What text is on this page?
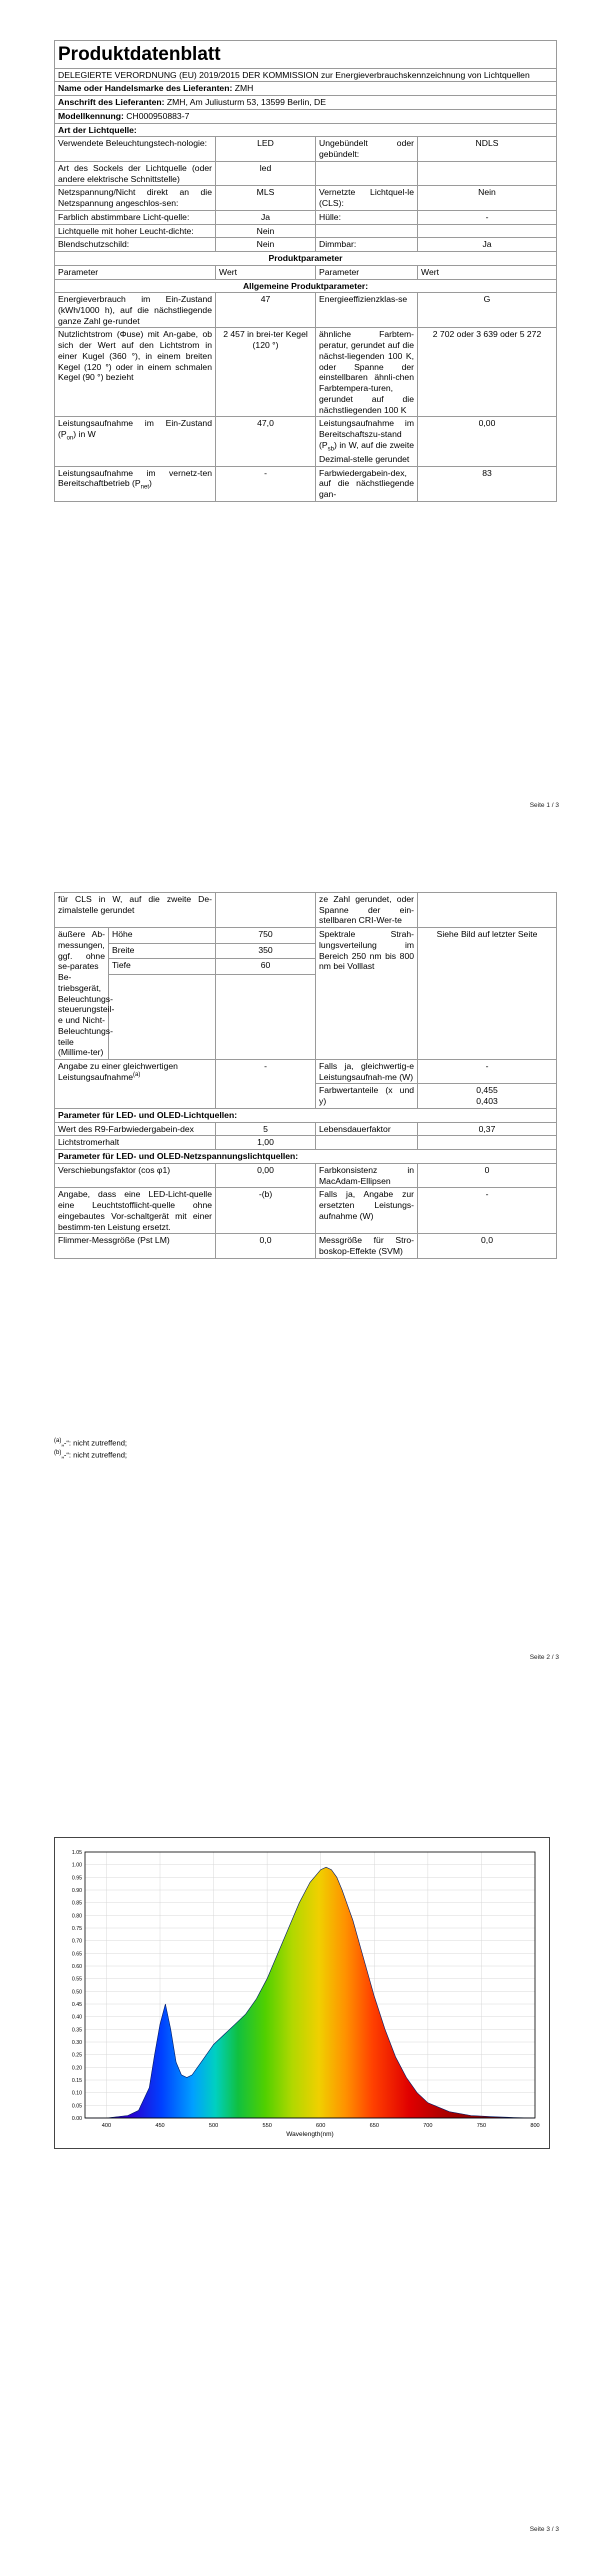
Produktdatenblatt			
DELEGIERTE VERORDNUNG (EU) 2019/2015 DER KOMMISSION zur Energieverbrauchskennzeichnung von Lichtquellen			
Name oder Handelsmarke des Lieferanten: ZMH			
Anschrift des Lieferanten: ZMH, Am Juliusturm 53, 13599 Berlin, DE			
Modellkennung: CH000950883-7			
Art der Lichtquelle:			
Verwendete Beleuchtungstech-nologie:	LED	Ungebündelt oder gebündelt:	NDLS
Art des Sockels der Lichtquelle (oder andere elektrische Schnittstelle)	led		
Netzspannung/Nicht direkt an die Netzspannung angeschlos-sen:	MLS	Vernetzte Lichtquel-le (CLS):	Nein
Farblich abstimmbare Licht-quelle:	Ja	Hülle:	-
Lichtquelle mit hoher Leucht-dichte:	Nein		
Blendschutzschild:	Nein	Dimmbar:	Ja
Produktparameter			
Parameter	Wert	Parameter	Wert
Allgemeine Produktparameter:			
Energieverbrauch im Ein-Zustand (kWh/1000 h), auf die nächstliegende ganze Zahl ge-rundet	47	Energieeffizienzklas-se	G
Nutzlichtstrom (Φuse) mit An-gabe, ob sich der Wert auf den Lichtstrom in einer Kugel (360 °), in einem breiten Kegel (120 °) oder in einem schmalen Kegel (90 °) bezieht	2 457 in brei-ter Kegel (120 °)	ähnliche Farbtem-peratur, gerundet auf die nächst-liegenden 100 K, oder Spanne der einstellbaren ähnli-chen Farbtempera-turen, gerundet auf die nächstliegenden 100 K	2 702 oder 3 639 oder 5 272
Leistungsaufnahme im Ein-Zustand $(P_{on})$ in W	47,0	Leistungsaufnahme im Bereitschaftszu-stand $(P_{sb})$ in W, auf die zweite Dezimal-stelle gerundet	0,00
Leistungsaufnahme im vernetz-ten Bereitschaftbetrieb $(P_{net})$	-	Farbwiedergabein-dex, auf die nächstliegende gan-	83
Seite 1 / 3
für CLS in W, auf die zweite De-zimalstelle gerundet			ze Zahl gerundet, oder Spanne der ein-stellbaren CRI-Wer-te	
äußere Ab-messungen, ggf. ohne se-parates Be-triebsgerät, Beleuchtungs-steuerungsteil-e und Nicht-Beleuchtungs-teile (Millime-ter)	Höhe	750	Spektrale Strah-lungsverteilung im Bereich 250 nm bis 800 nm bei Volllast	Siehe Bild auf letzter Seite
	Breite	350		
	Tiefe	60		

Angabe zu einer gleichwertigen Leistungsaufnahme$^{(a)}$		-	Falls ja, gleichwertig-e Leistungsaufnah-me (W)	-
			Farbwertanteile (x und y)	0,455
0,403

Parameter für LED- und OLED-Lichtquellen:				
Wert des R9-Farbwiedergabein-dex		5	Lebensdauerfaktor	0,37
Lichtstromerhalt		1,00		
Parameter für LED- und OLED-Netzspannungslichtquellen:				
Verschiebungsfaktor (cos φ1)		0,00	Farbkonsistenz in MacAdam-Ellipsen	0
Angabe, dass eine LED-Licht-quelle eine Leuchtstofflicht-quelle ohne eingebautes Vor-schaltgerät mit einer bestimm-ten Leistung ersetzt.		-(b)	Falls ja, Angabe zur ersetzten Leistungs-aufnahme (W)	-
Flimmer-Messgröße (Pst LM)		0,0	Messgröße für Stro-boskop-Effekte (SVM)	0,0
$^{(a)}$„-“: nicht zutreffend;
$^{(b)}$„-“: nicht zutreffend;
Seite 2 / 3
0.00
0.05
0.10
0.15
0.20
0.25
0.30
0.35
0.40
0.45
0.50
0.55
0.60
0.65
0.70
0.75
0.80
0.85
0.90
0.95
1.00
1.05
400	450	500	550	600	650	700	750	800
Wavelength(nm)
Seite 3 / 3
